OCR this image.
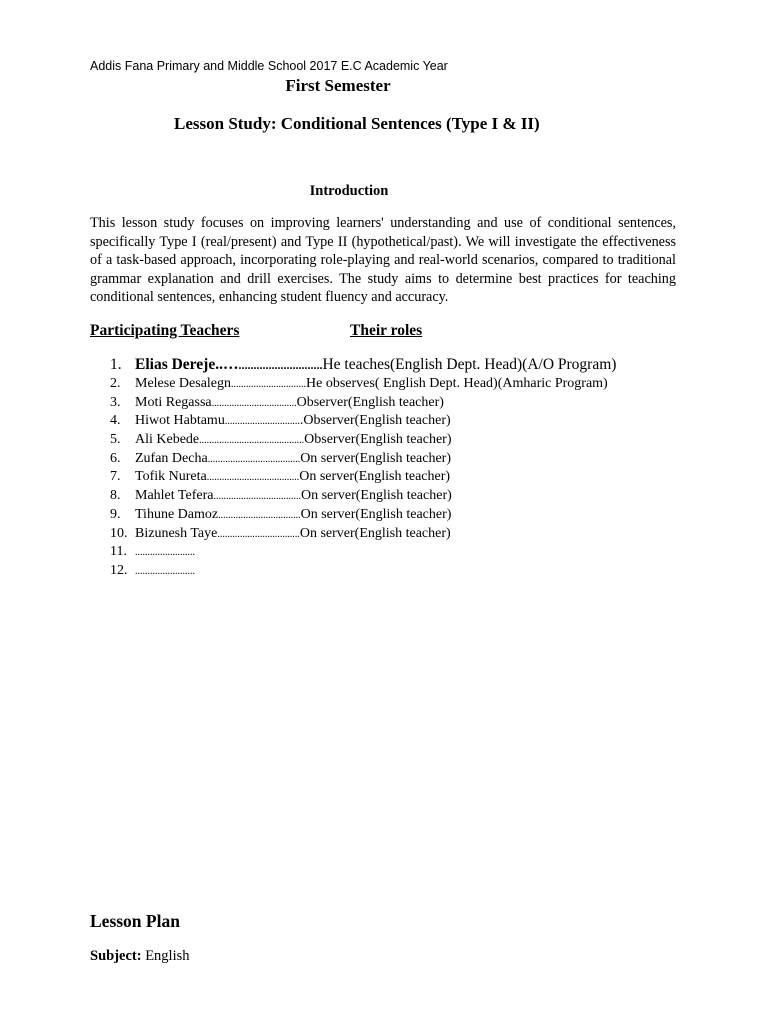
Addis Fana Primary and Middle School 2017 E.C Academic Year
First Semester
Lesson Study: Conditional Sentences (Type I & II)
Introduction
This lesson study focuses on improving learners' understanding and use of conditional sentences, specifically Type I (real/present) and Type II (hypothetical/past). We will investigate the effectiveness of a task-based approach, incorporating role-playing and real-world scenarios, compared to traditional grammar explanation and drill exercises. The study aims to determine best practices for teaching conditional sentences, enhancing student fluency and accuracy.
Participating Teachers	Their roles
1. Elias Dereje..… ............................ He teaches(English Dept. Head)(A/O Program)
2.	Melese Desalegn .............................. He observes( English Dept. Head)(Amharic Program)
3.	Moti Regassa .................................. Observer(English teacher)
4.	Hiwot Habtamu .............................. .Observer(English teacher)
5.	Ali Kebede .......................................... Observer(English teacher)
6.	Zufan Decha ..................................... On server(English teacher)
7.	Tofik Nureta ..................................... On server(English teacher)
8.	Mahlet Tefera ................................... On server(English teacher)
9.	Tihune Damoz ................................. On server(English teacher)
10. Bizunesh Taye ................................. On server(English teacher)
11. ........................
12. ........................
Lesson Plan
Subject: English
